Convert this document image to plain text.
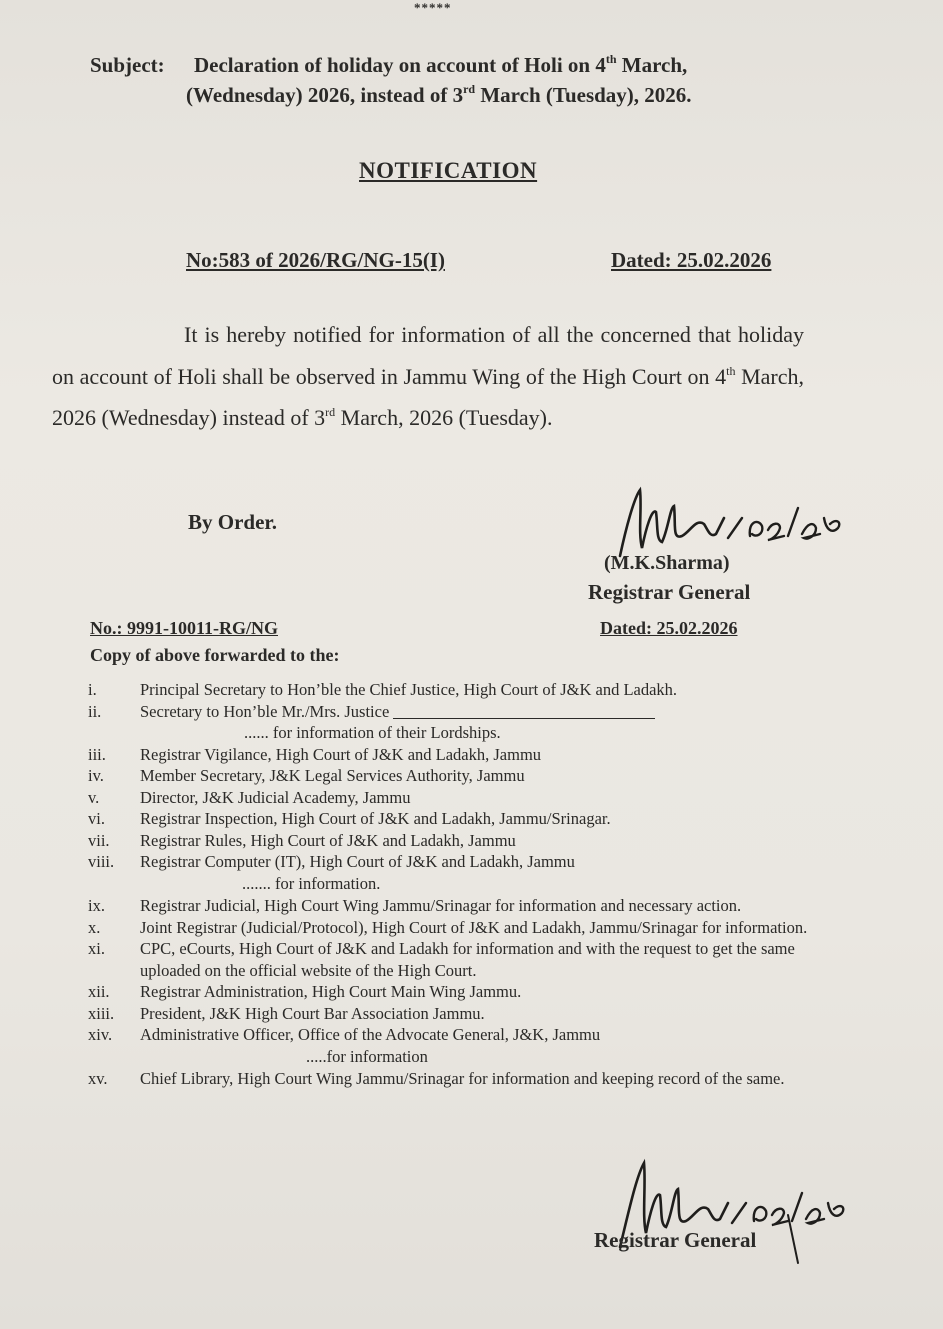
*****
Subject: Declaration of holiday on account of Holi on 4th March,
(Wednesday) 2026, instead of 3rd March (Tuesday), 2026.
NOTIFICATION
No:583 of 2026/RG/NG-15(I)	Dated: 25.02.2026
It is hereby notified for information of all the concerned that holiday on account of Holi shall be observed in Jammu Wing of the High Court on 4th March, 2026 (Wednesday) instead of 3rd March, 2026 (Tuesday).
By Order.
25/02/26
(M.K.Sharma)
Registrar General
No.: 9991-10011-RG/NG	Dated: 25.02.2026
Copy of above forwarded to the:
i.	Principal Secretary to Hon’ble the Chief Justice, High Court of J&K and Ladakh.
ii.	Secretary to Hon’ble Mr./Mrs. Justice
...... for information of their Lordships.
iii.	Registrar Vigilance, High Court of J&K and Ladakh, Jammu
iv.	Member Secretary, J&K Legal Services Authority, Jammu
v.	Director, J&K Judicial Academy, Jammu
vi.	Registrar Inspection, High Court of J&K and Ladakh, Jammu/Srinagar.
vii.	Registrar Rules, High Court of J&K and Ladakh, Jammu
viii.	Registrar Computer (IT), High Court of J&K and Ladakh, Jammu
....... for information.
ix.	Registrar Judicial, High Court Wing Jammu/Srinagar for information and necessary action.
x.	Joint Registrar (Judicial/Protocol), High Court of J&K and Ladakh, Jammu/Srinagar for information.
xi.	CPC, eCourts, High Court of J&K and Ladakh for information and with the request to get the same uploaded on the official website of the High Court.
xii.	Registrar Administration, High Court Main Wing Jammu.
xiii.	President, J&K High Court Bar Association Jammu.
xiv.	Administrative Officer, Office of the Advocate General, J&K, Jammu
.....for information
xv.	Chief Library, High Court Wing Jammu/Srinagar for information and keeping record of the same.
25/02/26
Registrar General
